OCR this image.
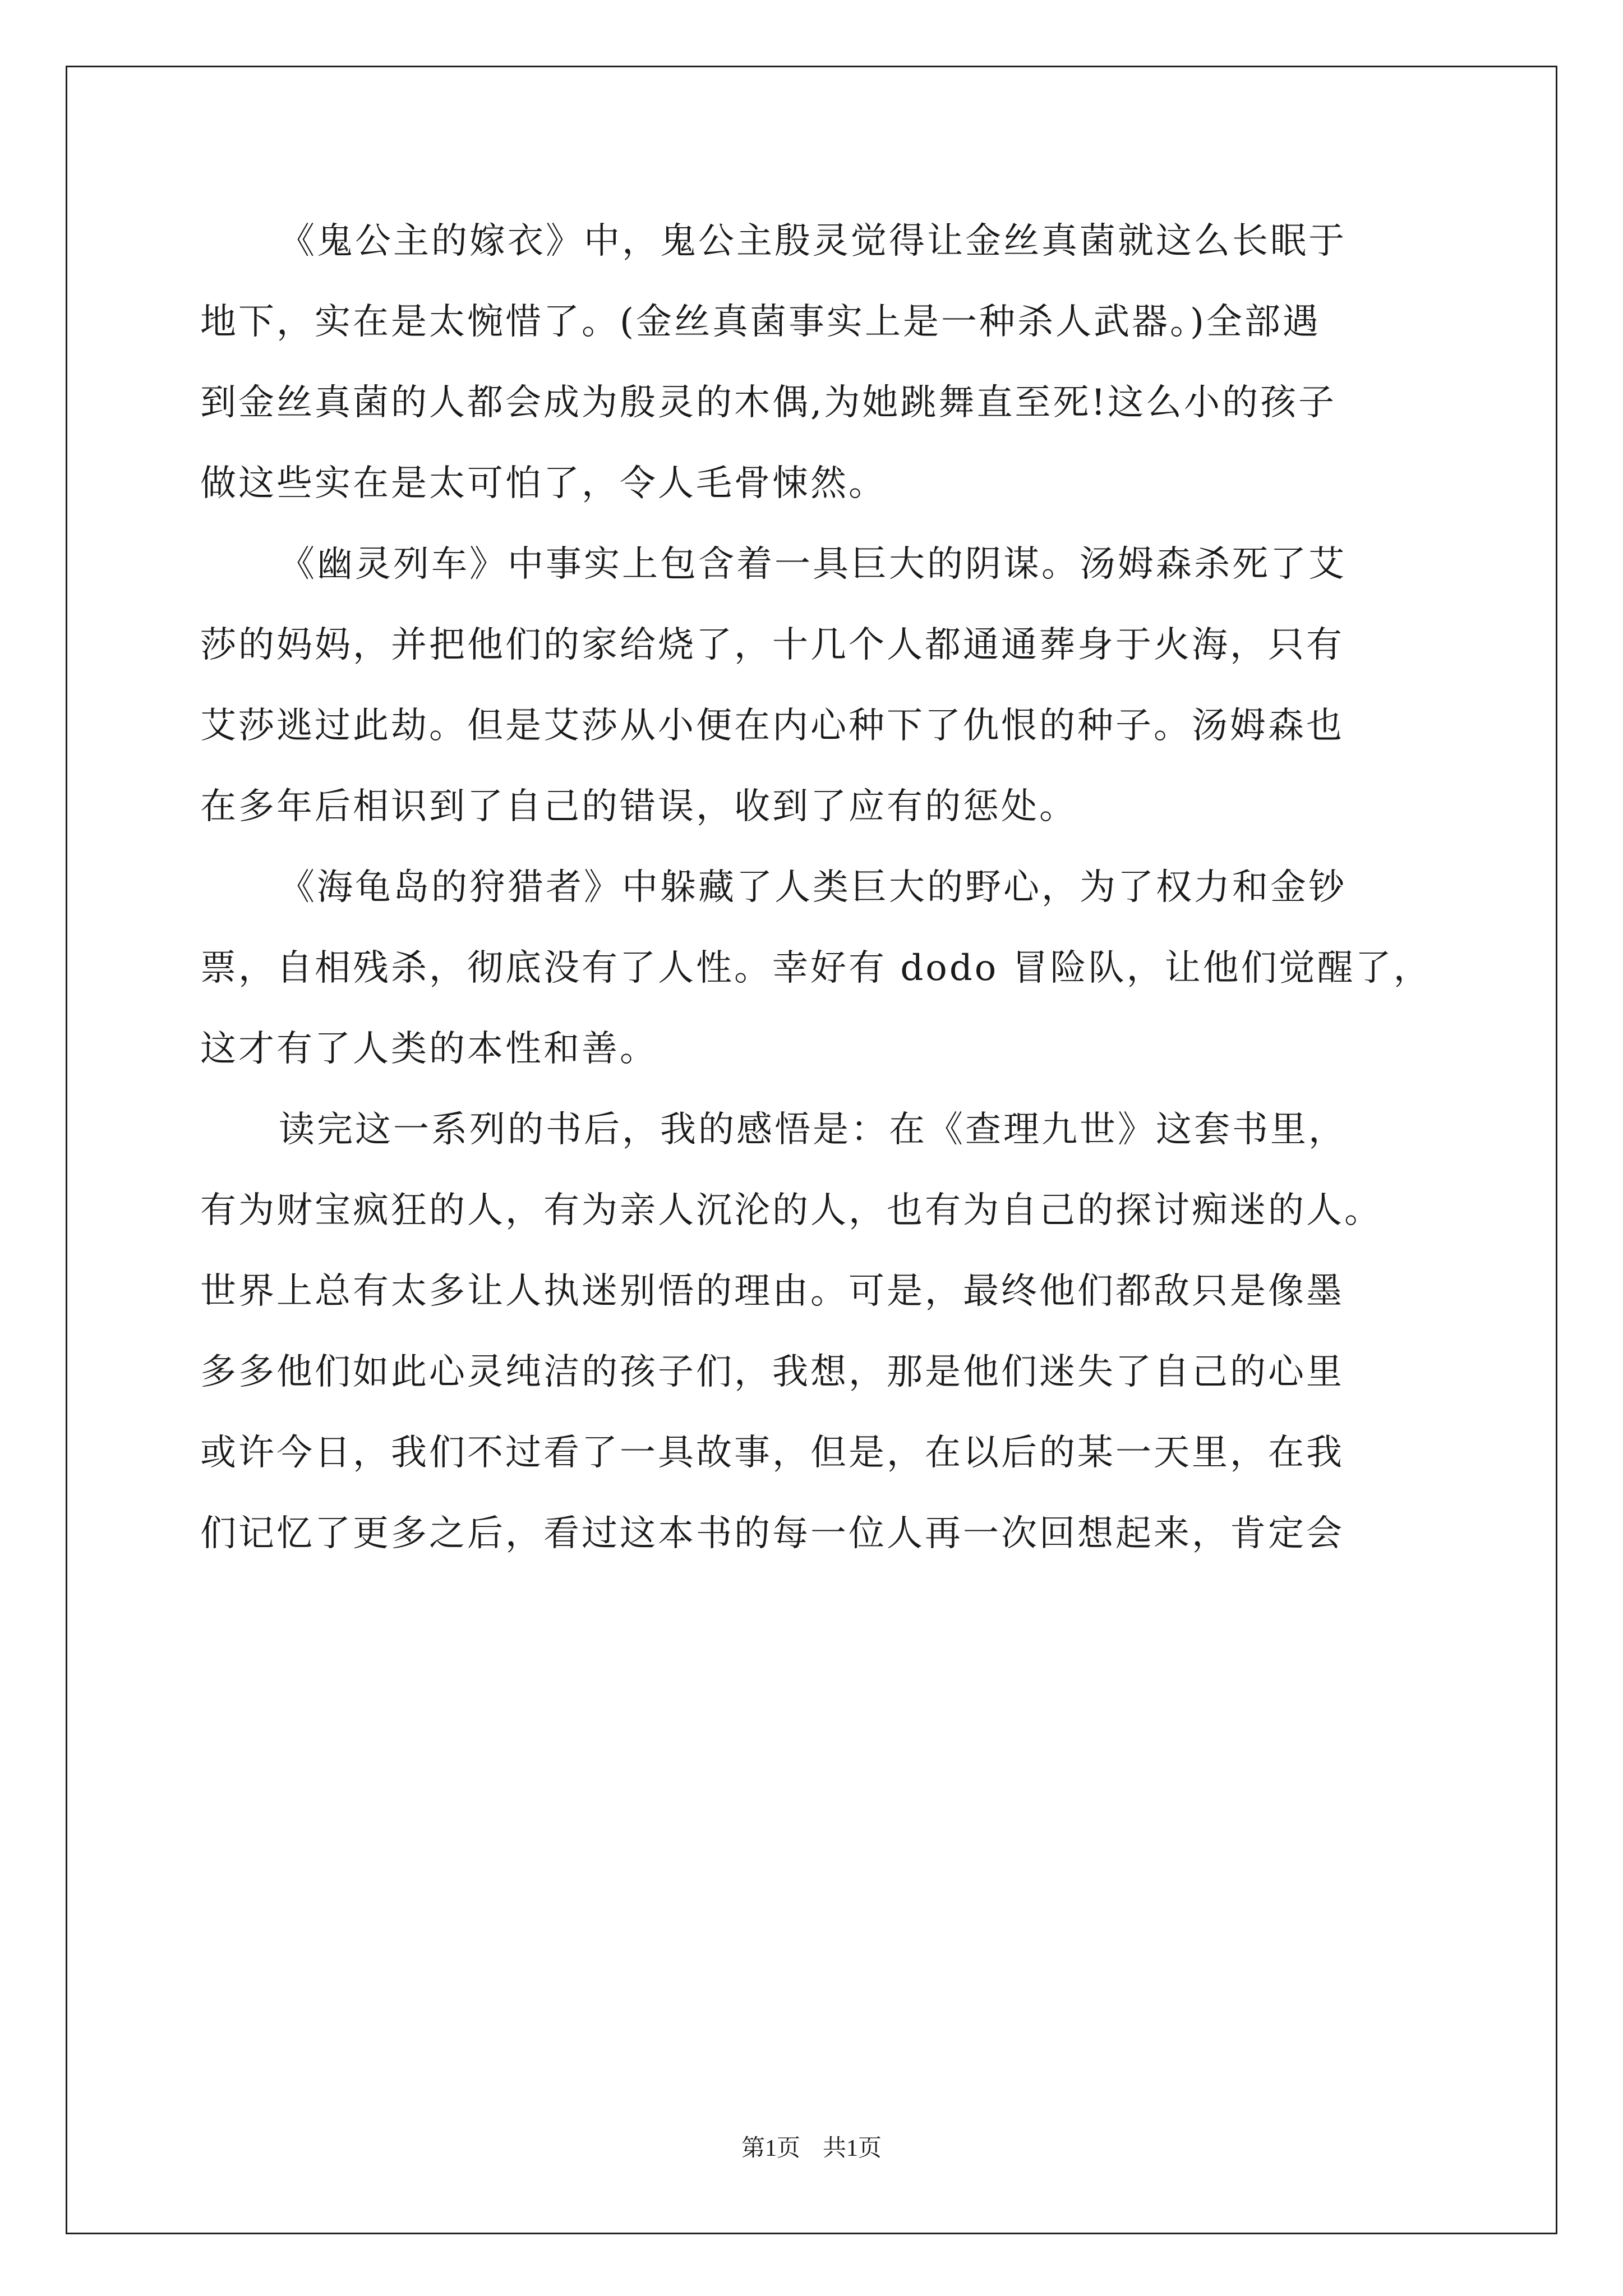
《鬼公主的嫁衣》中，鬼公主殷灵觉得让金丝真菌就这么长眠于
地下，实在是太惋惜了。(金丝真菌事实上是一种杀人武器。)全部遇
到金丝真菌的人都会成为殷灵的木偶,为她跳舞直至死!这么小的孩子
做这些实在是太可怕了，令人毛骨悚然。
《幽灵列车》中事实上包含着一具巨大的阴谋。汤姆森杀死了艾
莎的妈妈，并把他们的家给烧了，十几个人都通通葬身于火海，只有
艾莎逃过此劫。但是艾莎从小便在内心种下了仇恨的种子。汤姆森也
在多年后相识到了自己的错误，收到了应有的惩处。
《海龟岛的狩猎者》中躲藏了人类巨大的野心，为了权力和金钞
票，自相残杀，彻底没有了人性。幸好有 dodo 冒险队，让他们觉醒了，
这才有了人类的本性和善。
读完这一系列的书后，我的感悟是：在《查理九世》这套书里，
有为财宝疯狂的人，有为亲人沉沦的人，也有为自己的探讨痴迷的人。
世界上总有太多让人执迷别悟的理由。可是，最终他们都敌只是像墨
多多他们如此心灵纯洁的孩子们，我想，那是他们迷失了自己的心里
或许今日，我们不过看了一具故事，但是，在以后的某一天里，在我
们记忆了更多之后，看过这本书的每一位人再一次回想起来，肯定会
第1页 共1页
